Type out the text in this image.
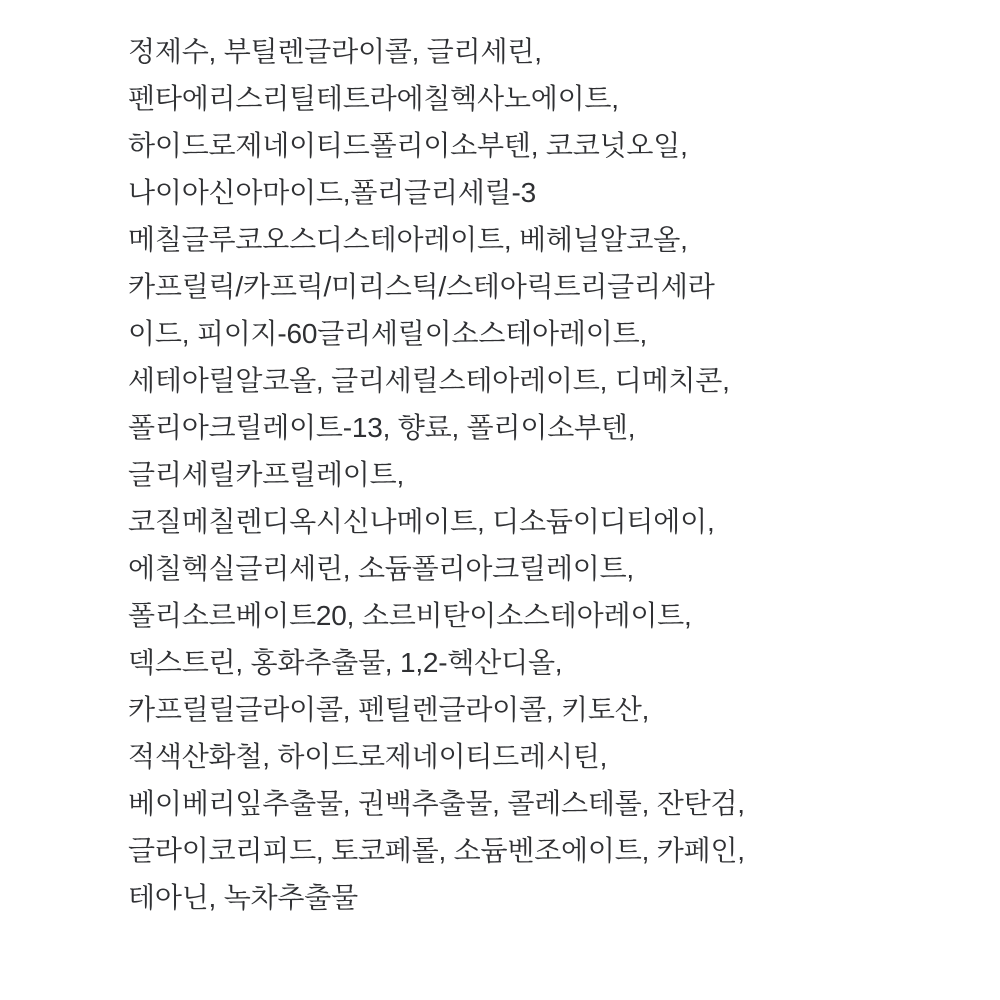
정제수, 부틸렌글라이콜, 글리세린,
펜타에리스리틸테트라에칠헥사노에이트,
하이드로제네이티드폴리이소부텐, 코코넛오일,
나이아신아마이드,폴리글리세릴-3
메칠글루코오스디스테아레이트, 베헤닐알코올,
카프릴릭/카프릭/미리스틱/스테아릭트리글리세라
이드, 피이지-60글리세릴이소스테아레이트,
세테아릴알코올, 글리세릴스테아레이트, 디메치콘,
폴리아크릴레이트-13, 향료, 폴리이소부텐,
글리세릴카프릴레이트,
코질메칠렌디옥시신나메이트, 디소듐이디티에이,
에칠헥실글리세린, 소듐폴리아크릴레이트,
폴리소르베이트20, 소르비탄이소스테아레이트,
덱스트린, 홍화추출물, 1,2-헥산디올,
카프릴릴글라이콜, 펜틸렌글라이콜, 키토산,
적색산화철, 하이드로제네이티드레시틴,
베이베리잎추출물, 권백추출물, 콜레스테롤, 잔탄검,
글라이코리피드, 토코페롤, 소듐벤조에이트, 카페인,
테아닌, 녹차추출물
